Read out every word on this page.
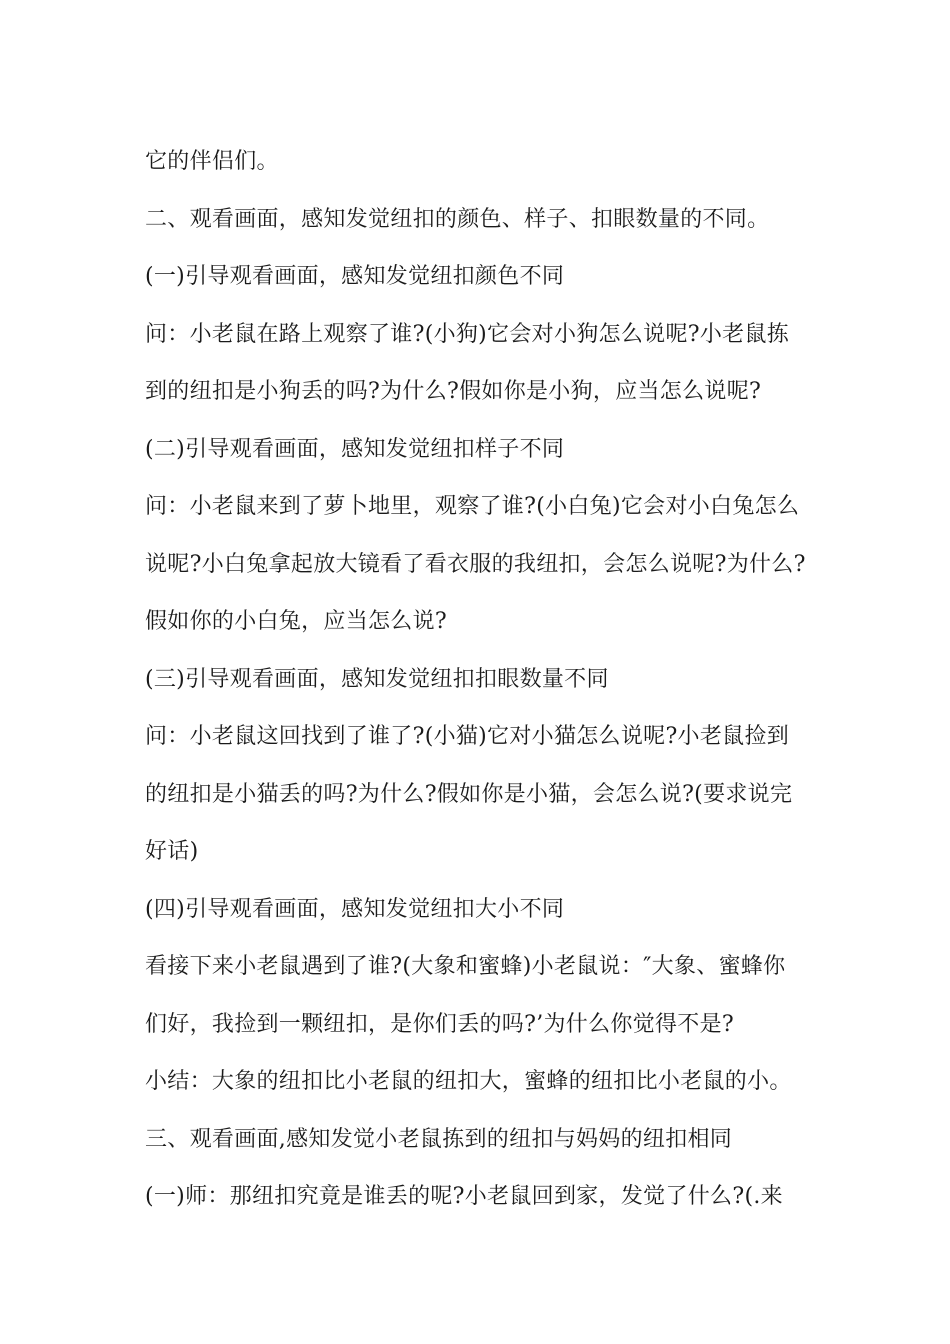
它的伴侣们。
二、观看画面，感知发觉纽扣的颜色、样子、扣眼数量的不同。
(一)引导观看画面，感知发觉纽扣颜色不同
问：小老鼠在路上观察了谁?(小狗)它会对小狗怎么说呢?小老鼠拣
到的纽扣是小狗丢的吗?为什么?假如你是小狗，应当怎么说呢?
(二)引导观看画面，感知发觉纽扣样子不同
问：小老鼠来到了萝卜地里，观察了谁?(小白兔)它会对小白兔怎么
说呢?小白兔拿起放大镜看了看衣服的我纽扣，会怎么说呢?为什么?
假如你的小白兔，应当怎么说?
(三)引导观看画面，感知发觉纽扣扣眼数量不同
问：小老鼠这回找到了谁了?(小猫)它对小猫怎么说呢?小老鼠捡到
的纽扣是小猫丢的吗?为什么?假如你是小猫，会怎么说?(要求说完
好话)
(四)引导观看画面，感知发觉纽扣大小不同
看接下来小老鼠遇到了谁?(大象和蜜蜂)小老鼠说：″大象、蜜蜂你
们好，我捡到一颗纽扣，是你们丢的吗?’为什么你觉得不是?
小结：大象的纽扣比小老鼠的纽扣大，蜜蜂的纽扣比小老鼠的小。
三、观看画面,感知发觉小老鼠拣到的纽扣与妈妈的纽扣相同
(一)师：那纽扣究竟是谁丢的呢?小老鼠回到家，发觉了什么?(.来
